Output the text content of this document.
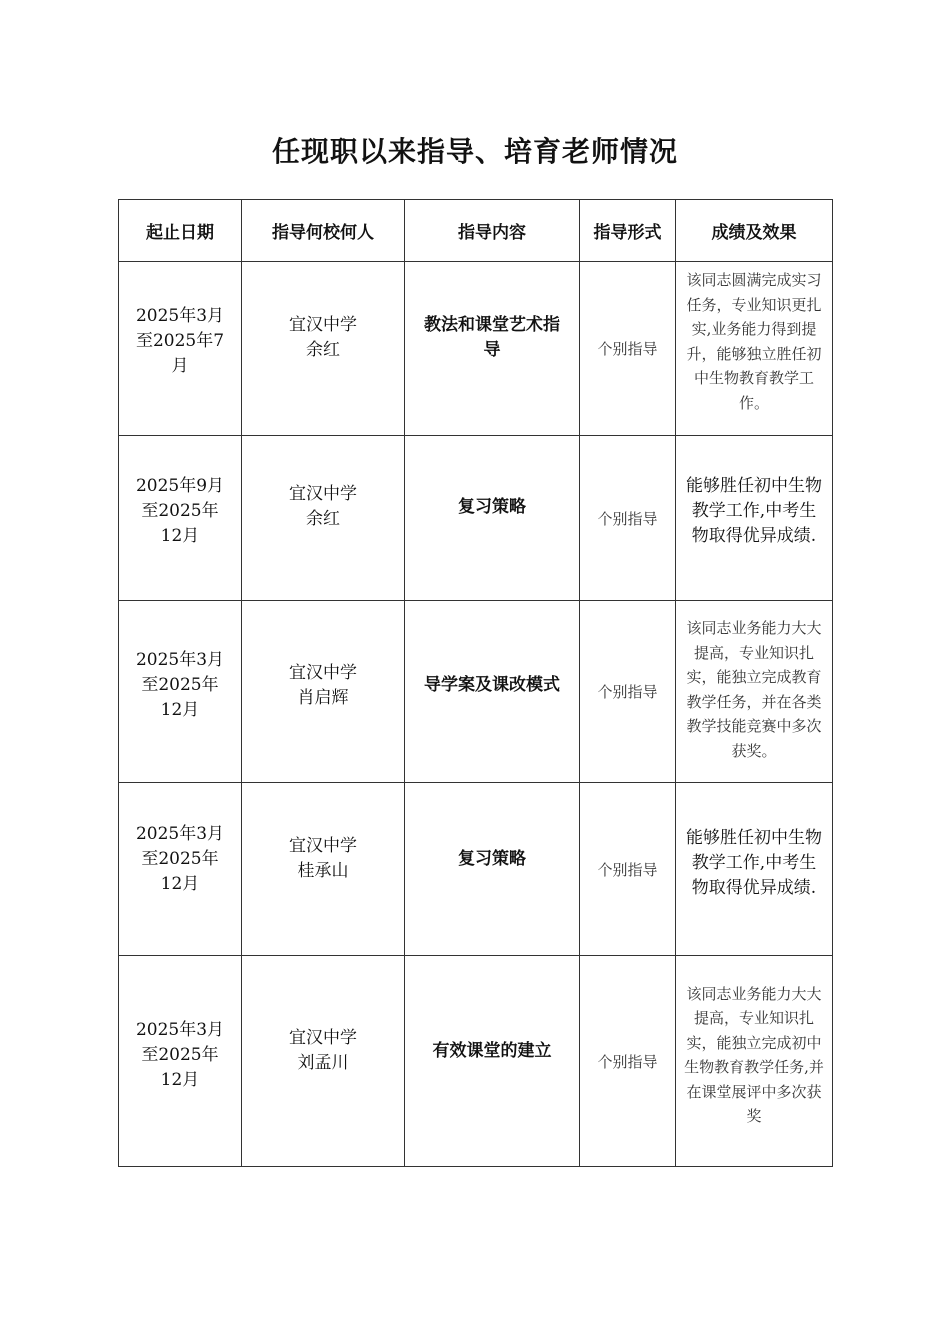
任现职以来指导、培育老师情况
起止日期	指导何校何人	指导内容	指导形式	成绩及效果

2025年3月
至2025年7
月	宜汉中学
余红	教法和课堂艺术指
导	个别指导	该同志圆满完成实习任务，专业知识更扎实,业务能力得到提升，能够独立胜任初中生物教育教学工作。

2025年9月
至2025年
12月	宜汉中学
余红	复习策略	个别指导	能够胜任初中生物教学工作,中考生物取得优异成绩.

2025年3月
至2025年
12月	宜汉中学
肖启辉	导学案及课改模式	个别指导	该同志业务能力大大提高，专业知识扎实，能独立完成教育教学任务，并在各类教学技能竞赛中多次获奖。

2025年3月
至2025年
12月	宜汉中学
桂承山	复习策略	个别指导	能够胜任初中生物教学工作,中考生物取得优异成绩.

2025年3月
至2025年
12月	宜汉中学
刘孟川	有效课堂的建立	个别指导	该同志业务能力大大提高，专业知识扎实，能独立完成初中生物教育教学任务,并在课堂展评中多次获奖
